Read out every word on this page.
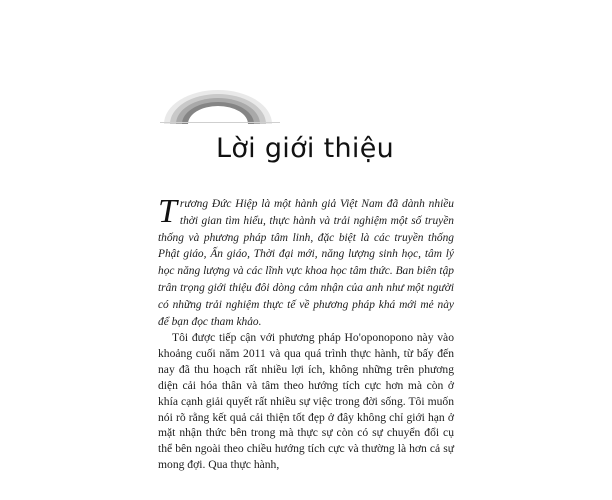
Lời giới thiệu

Trương Đức Hiệp là một hành giả Việt Nam đã dành nhiều thời gian tìm hiểu, thực hành và trải nghiệm một số truyền thống và phương pháp tâm linh, đặc biệt là các truyền thống Phật giáo, Ấn giáo, Thời đại mới, năng lượng sinh học, tâm lý học năng lượng và các lĩnh vực khoa học tâm thức. Ban biên tập trân trọng giới thiệu đôi dòng cảm nhận của anh như một người có những trải nghiệm thực tế về phương pháp khá mới mẻ này để bạn đọc tham khảo.

Tôi được tiếp cận với phương pháp Ho'oponopono này vào khoảng cuối năm 2011 và qua quá trình thực hành, từ bấy đến nay đã thu hoạch rất nhiều lợi ích, không những trên phương diện cải hóa thân và tâm theo hướng tích cực hơn mà còn ở khía cạnh giải quyết rất nhiều sự việc trong đời sống. Tôi muốn nói rõ rằng kết quả cải thiện tốt đẹp ở đây không chỉ giới hạn ở mặt nhận thức bên trong mà thực sự còn có sự chuyển đổi cụ thể bên ngoài theo chiều hướng tích cực và thường là hơn cả sự mong đợi. Qua thực hành,
